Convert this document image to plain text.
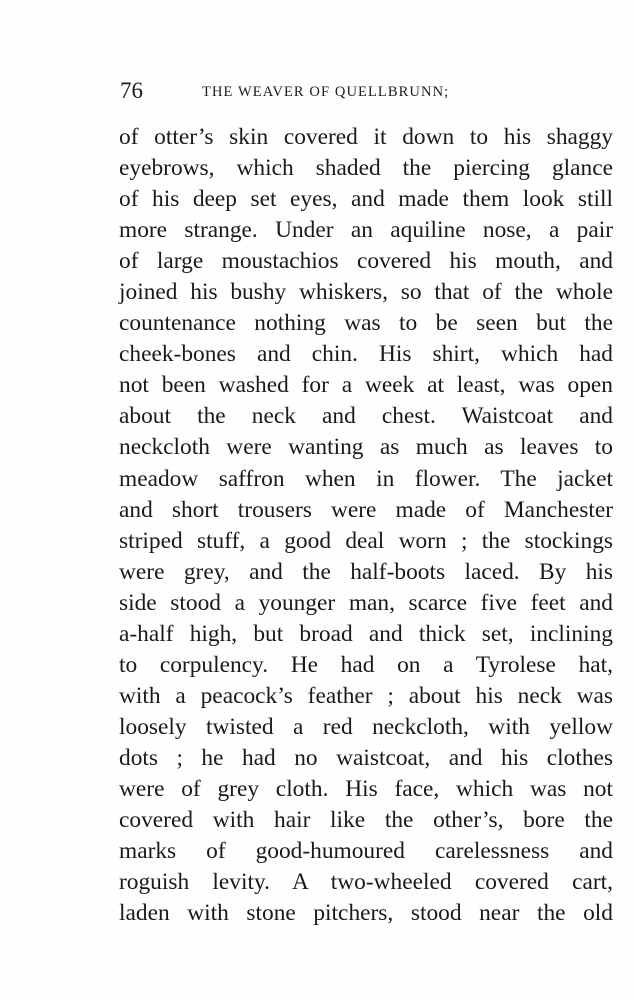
76	THE WEAVER OF QUELLBRUNN;
of otter’s skin covered it down to his shaggy
eyebrows, which shaded the piercing glance
of his deep set eyes, and made them look still
more strange. Under an aquiline nose, a pair
of large moustachios covered his mouth, and
joined his bushy whiskers, so that of the whole
countenance nothing was to be seen but the
cheek-bones and chin. His shirt, which had
not been washed for a week at least, was open
about the neck and chest. Waistcoat and
neckcloth were wanting as much as leaves to
meadow saffron when in flower. The jacket
and short trousers were made of Manchester
striped stuff, a good deal worn ; the stockings
were grey, and the half-boots laced. By his
side stood a younger man, scarce five feet and
a-half high, but broad and thick set, inclining
to corpulency. He had on a Tyrolese hat,
with a peacock’s feather ; about his neck was
loosely twisted a red neckcloth, with yellow
dots ; he had no waistcoat, and his clothes
were of grey cloth. His face, which was not
covered with hair like the other’s, bore the
marks of good-humoured carelessness and
roguish levity. A two-wheeled covered cart,
laden with stone pitchers, stood near the old
